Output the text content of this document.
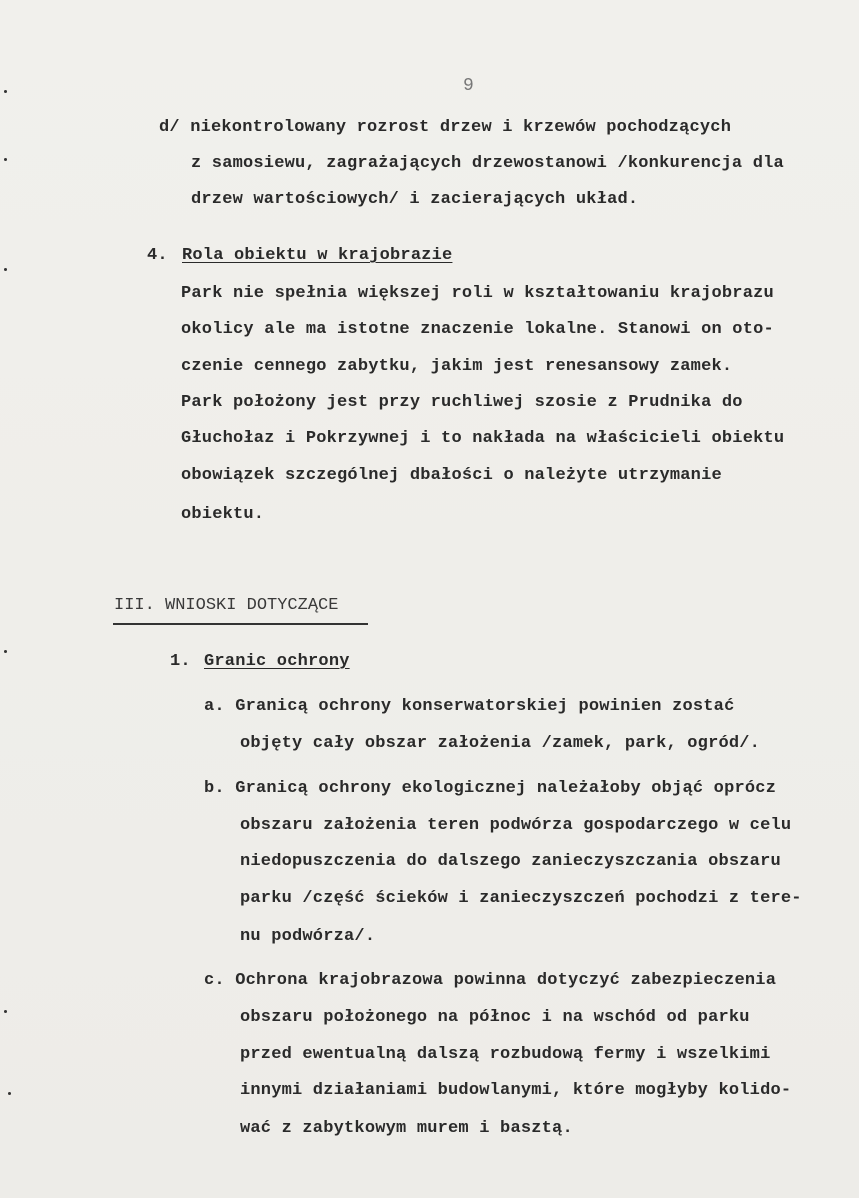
9
d/ niekontrolowany rozrost drzew i krzewów pochodzących
z samosiewu, zagrażających drzewostanowi /konkurencja dla
drzew wartościowych/ i zacierających układ.
4. Rola obiektu w krajobrazie
Park nie spełnia większej roli w kształtowaniu krajobrazu
okolicy ale ma istotne znaczenie lokalne. Stanowi on oto-
czenie cennego zabytku, jakim jest renesansowy zamek.
Park położony jest przy ruchliwej szosie z Prudnika do
Głuchołaz i Pokrzywnej i to nakłada na właścicieli obiektu
obowiązek szczególnej dbałości o należyte utrzymanie
obiektu.
III. WNIOSKI DOTYCZĄCE
1. Granic ochrony
a. Granicą ochrony konserwatorskiej powinien zostać
objęty cały obszar założenia /zamek, park, ogród/.
b. Granicą ochrony ekologicznej należałoby objąć oprócz
obszaru założenia teren podwórza gospodarczego w celu
niedopuszczenia do dalszego zanieczyszczania obszaru
parku /część ścieków i zanieczyszczeń pochodzi z tere-
nu podwórza/.
c. Ochrona krajobrazowa powinna dotyczyć zabezpieczenia
obszaru położonego na północ i na wschód od parku
przed ewentualną dalszą rozbudową fermy i wszelkimi
innymi działaniami budowlanymi, które mogłyby kolido-
wać z zabytkowym murem i basztą.
